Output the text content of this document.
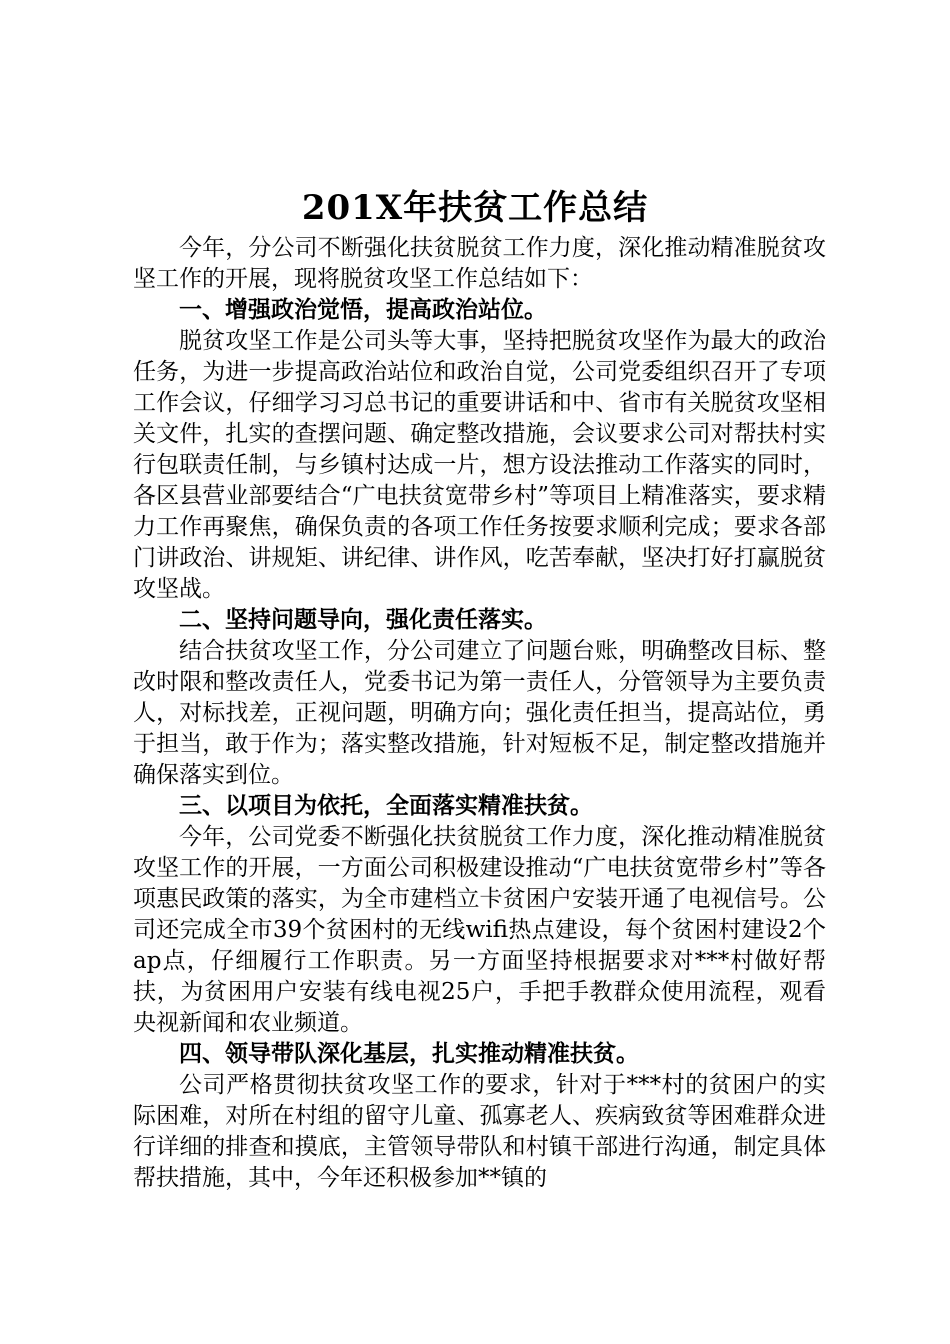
201X年扶贫工作总结

今年，分公司不断强化扶贫脱贫工作力度，深化推动精准脱贫攻坚工作的开展，现将脱贫攻坚工作总结如下：

一、增强政治觉悟，提高政治站位。

脱贫攻坚工作是公司头等大事，坚持把脱贫攻坚作为最大的政治任务，为进一步提高政治站位和政治自觉，公司党委组织召开了专项工作会议，仔细学习习总书记的重要讲话和中、省市有关脱贫攻坚相关文件，扎实的查摆问题、确定整改措施，会议要求公司对帮扶村实行包联责任制，与乡镇村达成一片，想方设法推动工作落实的同时，各区县营业部要结合“广电扶贫宽带乡村”等项目上精准落实，要求精力工作再聚焦，确保负责的各项工作任务按要求顺利完成；要求各部门讲政治、讲规矩、讲纪律、讲作风，吃苦奉献，坚决打好打赢脱贫攻坚战。

二、坚持问题导向，强化责任落实。

结合扶贫攻坚工作，分公司建立了问题台账，明确整改目标、整改时限和整改责任人，党委书记为第一责任人，分管领导为主要负责人，对标找差，正视问题，明确方向；强化责任担当，提高站位，勇于担当，敢于作为；落实整改措施，针对短板不足，制定整改措施并确保落实到位。

三、以项目为依托，全面落实精准扶贫。

今年，公司党委不断强化扶贫脱贫工作力度，深化推动精准脱贫攻坚工作的开展，一方面公司积极建设推动“广电扶贫宽带乡村”等各项惠民政策的落实，为全市建档立卡贫困户安装开通了电视信号。公司还完成全市39个贫困村的无线wifi热点建设，每个贫困村建设2个ap点，仔细履行工作职责。另一方面坚持根据要求对***村做好帮扶，为贫困用户安装有线电视25户，手把手教群众使用流程，观看央视新闻和农业频道。

四、领导带队深化基层，扎实推动精准扶贫。

公司严格贯彻扶贫攻坚工作的要求，针对于***村的贫困户的实际困难，对所在村组的留守儿童、孤寡老人、疾病致贫等困难群众进行详细的排查和摸底，主管领导带队和村镇干部进行沟通，制定具体帮扶措施，其中，今年还积极参加**镇的
